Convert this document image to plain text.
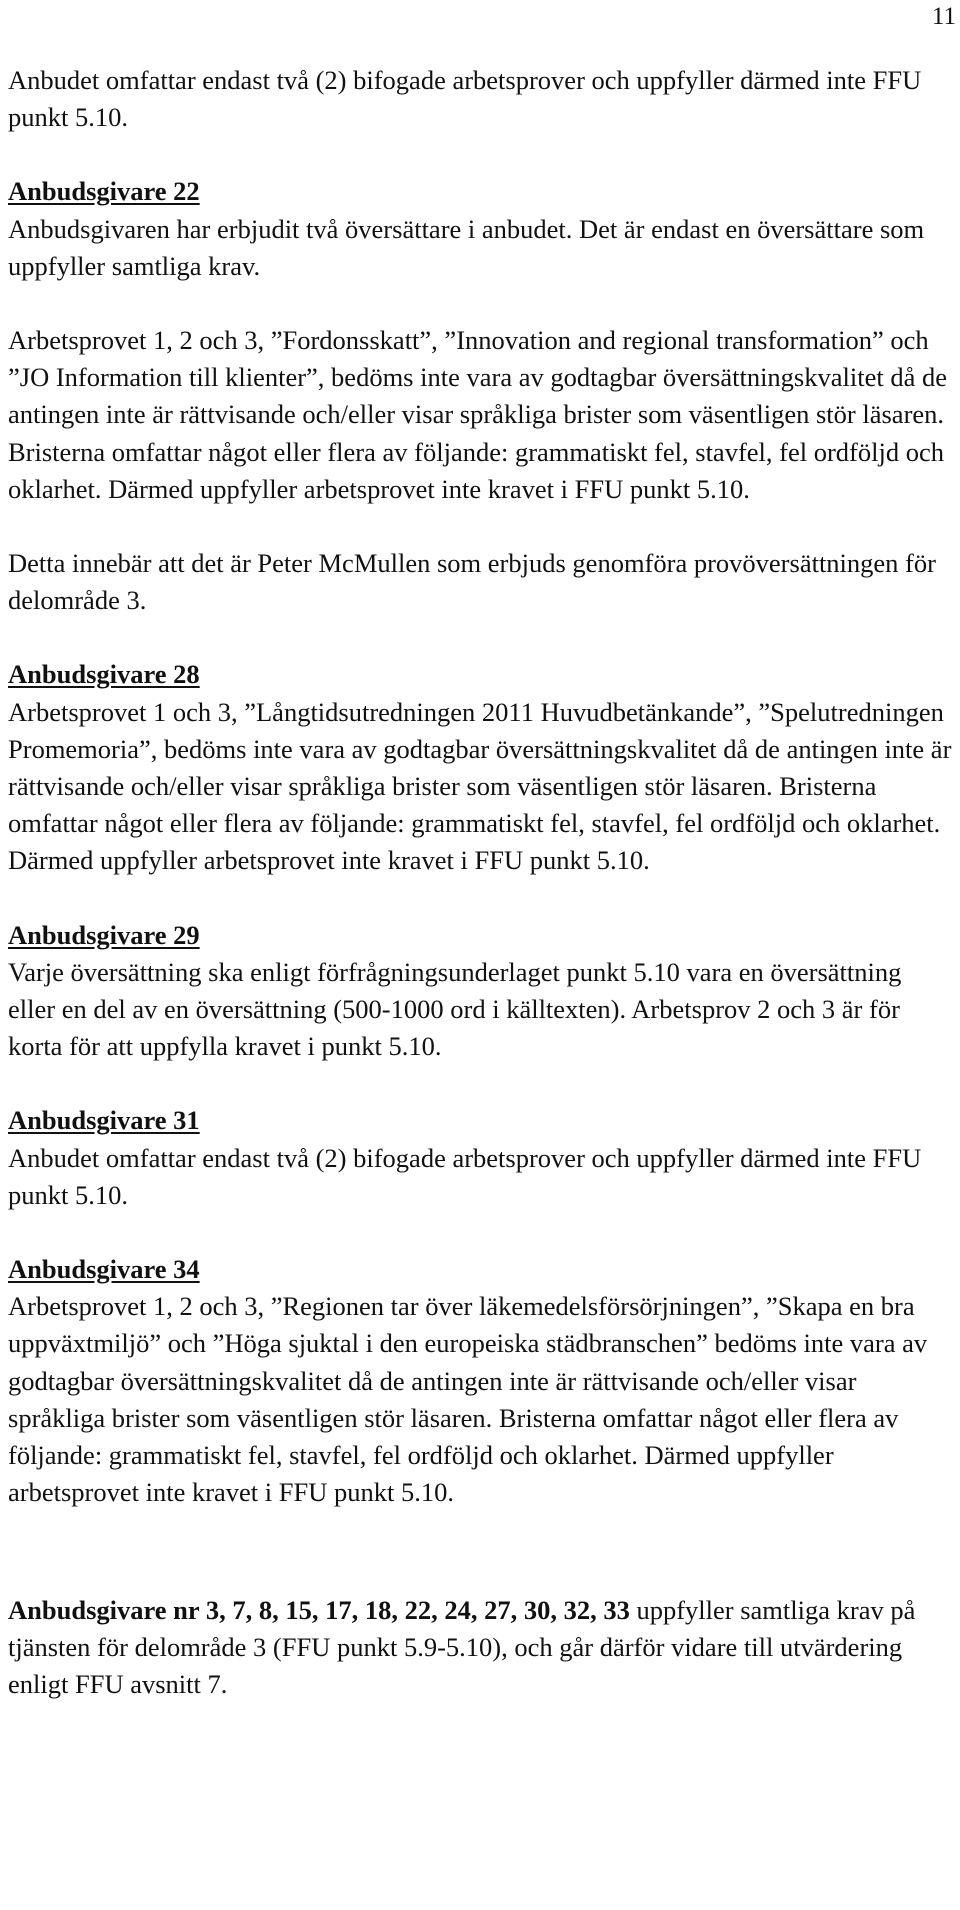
11

Anbudet omfattar endast två (2) bifogade arbetsprover och uppfyller därmed inte FFU punkt 5.10.

Anbudsgivare 22

Anbudsgivaren har erbjudit två översättare i anbudet. Det är endast en översättare som uppfyller samtliga krav.

Arbetsprovet 1, 2 och 3, ”Fordonsskatt”, ”Innovation and regional transformation” och ”JO Information till klienter”, bedöms inte vara av godtagbar översättningskvalitet då de antingen inte är rättvisande och/eller visar språkliga brister som väsentligen stör läsaren. Bristerna omfattar något eller flera av följande: grammatiskt fel, stavfel, fel ordföljd och oklarhet. Därmed uppfyller arbetsprovet inte kravet i FFU punkt 5.10.

Detta innebär att det är Peter McMullen som erbjuds genomföra provöversättningen för delområde 3.

Anbudsgivare 28

Arbetsprovet 1 och 3, ”Långtidsutredningen 2011 Huvudbetänkande”, ”Spelutredningen Promemoria”, bedöms inte vara av godtagbar översättningskvalitet då de antingen inte är rättvisande och/eller visar språkliga brister som väsentligen stör läsaren. Bristerna omfattar något eller flera av följande: grammatiskt fel, stavfel, fel ordföljd och oklarhet. Därmed uppfyller arbetsprovet inte kravet i FFU punkt 5.10.

Anbudsgivare 29

Varje översättning ska enligt förfrågningsunderlaget punkt 5.10 vara en översättning eller en del av en översättning (500-1000 ord i källtexten). Arbetsprov 2 och 3 är för korta för att uppfylla kravet i punkt 5.10.

Anbudsgivare 31

Anbudet omfattar endast två (2) bifogade arbetsprover och uppfyller därmed inte FFU punkt 5.10.

Anbudsgivare 34

Arbetsprovet 1, 2 och 3, ”Regionen tar över läkemedelsförsörjningen”, ”Skapa en bra uppväxtmiljö” och ”Höga sjuktal i den europeiska städbranschen” bedöms inte vara av godtagbar översättningskvalitet då de antingen inte är rättvisande och/eller visar språkliga brister som väsentligen stör läsaren. Bristerna omfattar något eller flera av följande: grammatiskt fel, stavfel, fel ordföljd och oklarhet. Därmed uppfyller arbetsprovet inte kravet i FFU punkt 5.10.

Anbudsgivare nr 3, 7, 8, 15, 17, 18, 22, 24, 27, 30, 32, 33 uppfyller samtliga krav på tjänsten för delområde 3 (FFU punkt 5.9-5.10), och går därför vidare till utvärdering enligt FFU avsnitt 7.
